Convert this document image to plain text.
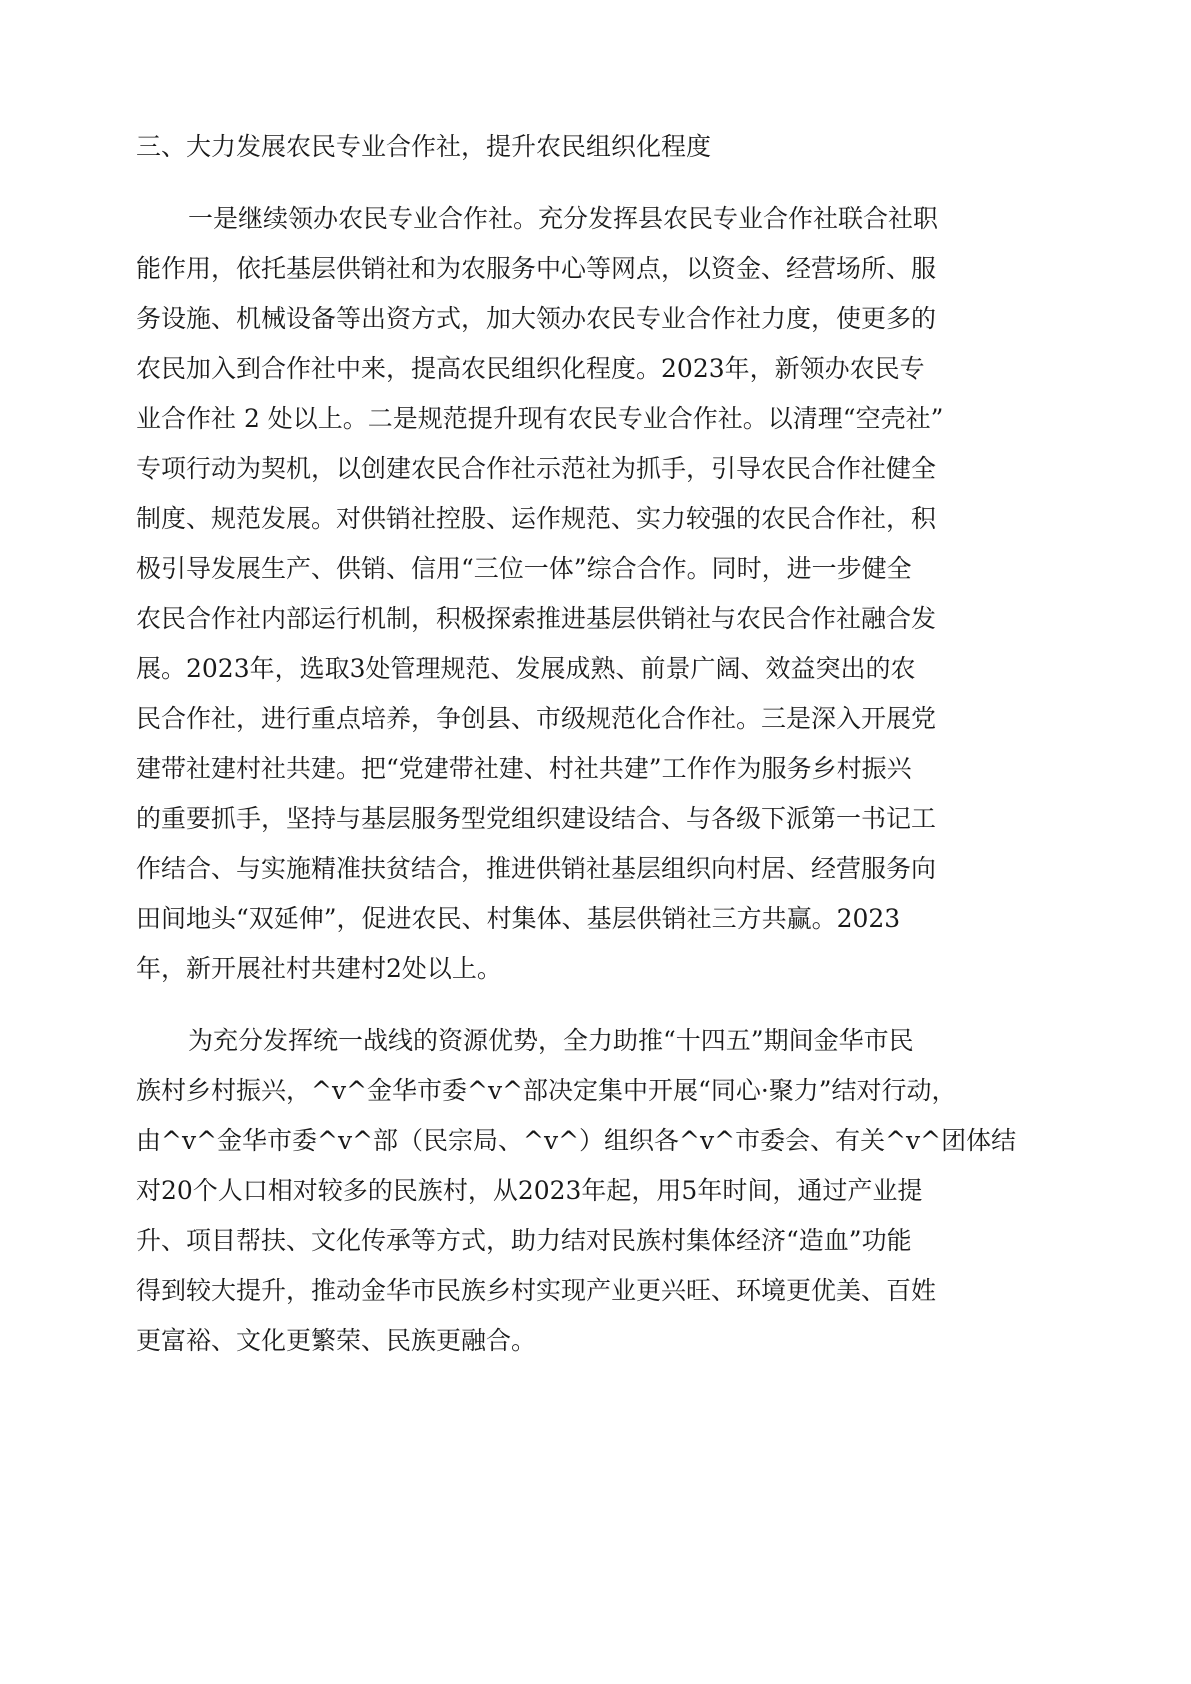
三、大力发展农民专业合作社，提升农民组织化程度

一是继续领办农民专业合作社。充分发挥县农民专业合作社联合社职

能作用，依托基层供销社和为农服务中心等网点，以资金、经营场所、服

务设施、机械设备等出资方式，加大领办农民专业合作社力度，使更多的

农民加入到合作社中来，提高农民组织化程度。2023年，新领办农民专

业合作社 2 处以上。二是规范提升现有农民专业合作社。以清理“空壳社”

专项行动为契机，以创建农民合作社示范社为抓手，引导农民合作社健全

制度、规范发展。对供销社控股、运作规范、实力较强的农民合作社，积

极引导发展生产、供销、信用“三位一体”综合合作。同时，进一步健全

农民合作社内部运行机制，积极探索推进基层供销社与农民合作社融合发

展。2023年，选取3处管理规范、发展成熟、前景广阔、效益突出的农

民合作社，进行重点培养，争创县、市级规范化合作社。三是深入开展党

建带社建村社共建。把“党建带社建、村社共建”工作作为服务乡村振兴

的重要抓手，坚持与基层服务型党组织建设结合、与各级下派第一书记工

作结合、与实施精准扶贫结合，推进供销社基层组织向村居、经营服务向

田间地头“双延伸”，促进农民、村集体、基层供销社三方共赢。2023

年，新开展社村共建村2处以上。

为充分发挥统一战线的资源优势，全力助推“十四五”期间金华市民

族村乡村振兴，^v^金华市委^v^部决定集中开展“同心·聚力”结对行动，

由^v^金华市委^v^部（民宗局、^v^）组织各^v^市委会、有关^v^团体结

对20个人口相对较多的民族村，从2023年起，用5年时间，通过产业提

升、项目帮扶、文化传承等方式，助力结对民族村集体经济“造血”功能

得到较大提升，推动金华市民族乡村实现产业更兴旺、环境更优美、百姓

更富裕、文化更繁荣、民族更融合。
